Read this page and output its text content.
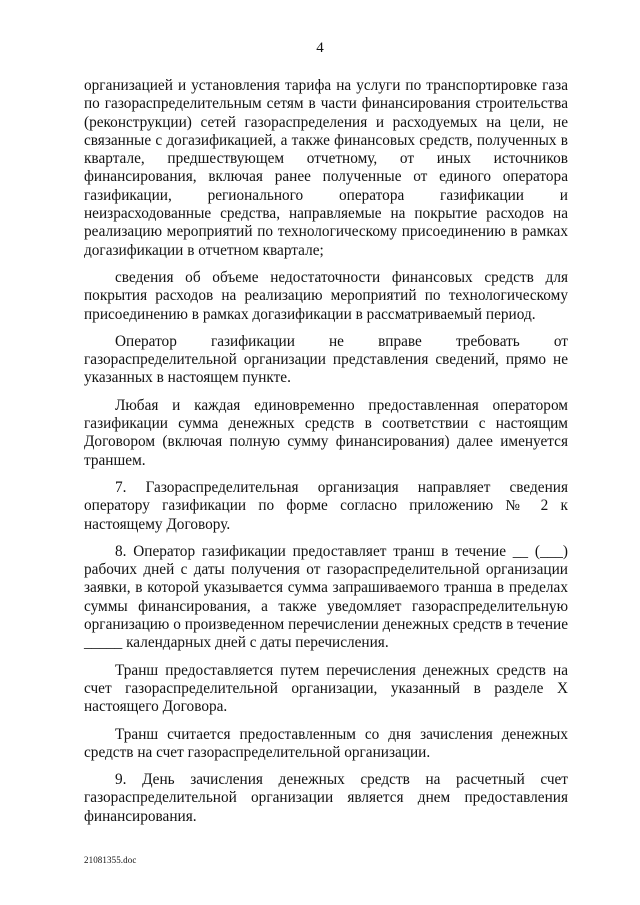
4

организацией и установления тарифа на услуги по транспортировке газа по газораспределительным сетям в части финансирования строительства (реконструкции) сетей газораспределения и расходуемых на цели, не связанные с догазификацией, а также финансовых средств, полученных в квартале, предшествующем отчетному, от иных источников финансирования, включая ранее полученные от единого оператора газификации, регионального оператора газификации и неизрасходованные средства, направляемые на покрытие расходов на реализацию мероприятий по технологическому присоединению в рамках догазификации в отчетном квартале;

сведения об объеме недостаточности финансовых средств для покрытия расходов на реализацию мероприятий по технологическому присоединению в рамках догазификации в рассматриваемый период.

Оператор газификации не вправе требовать от газораспределительной организации представления сведений, прямо не указанных в настоящем пункте.

Любая и каждая единовременно предоставленная оператором газификации сумма денежных средств в соответствии с настоящим Договором (включая полную сумму финансирования) далее именуется траншем.

7. Газораспределительная организация направляет сведения оператору газификации по форме согласно приложению № 2 к настоящему Договору.

8. Оператор газификации предоставляет транш в течение __ (___) рабочих дней с даты получения от газораспределительной организации заявки, в которой указывается сумма запрашиваемого транша в пределах суммы финансирования, а также уведомляет газораспределительную организацию о произведенном перечислении денежных средств в течение _____ календарных дней с даты перечисления.

Транш предоставляется путем перечисления денежных средств на счет газораспределительной организации, указанный в разделе X настоящего Договора.

Транш считается предоставленным со дня зачисления денежных средств на счет газораспределительной организации.

9. День зачисления денежных средств на расчетный счет газораспределительной организации является днем предоставления финансирования.

21081355.doc
